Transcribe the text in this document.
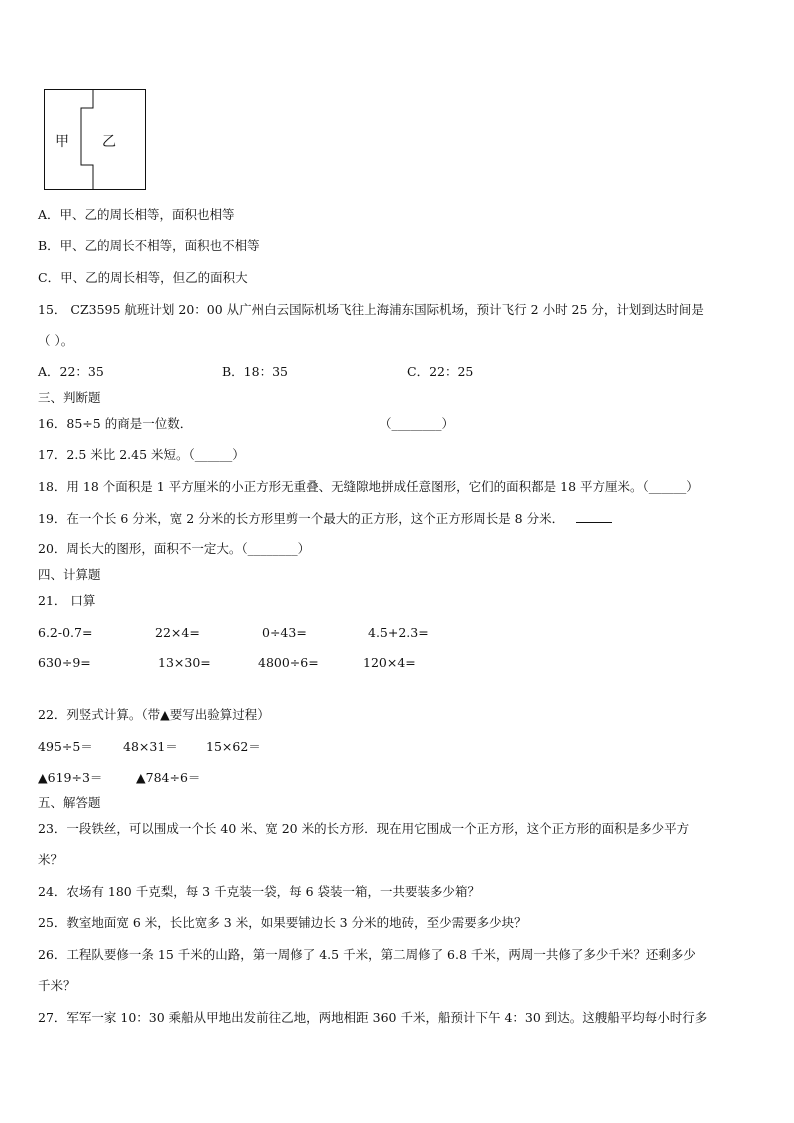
甲 乙
A．甲、乙的周长相等，面积也相等
B．甲、乙的周长不相等，面积也不相等
C．甲、乙的周长相等，但乙的面积大
15． CZ3595 航班计划 20：00 从广州白云国际机场飞往上海浦东国际机场，预计飞行 2 小时 25 分，计划到达时间是
（ ）。
A．22：35	B．18：35	C．22：25
三、判断题
16．85÷5 的商是一位数．	（________）
17．2.5 米比 2.45 米短。（______）
18．用 18 个面积是 1 平方厘米的小正方形无重叠、无缝隙地拼成任意图形，它们的面积都是 18 平方厘米。（______）
19．在一个长 6 分米，宽 2 分米的长方形里剪一个最大的正方形，这个正方形周长是 8 分米．
20．周长大的图形，面积不一定大。（________）
四、计算题
21． 口算
6.2-0.7=	22×4=	0÷43=	4.5+2.3=
630÷9=	13×30=	4800÷6=	120×4=
22．列竖式计算。（带▲要写出验算过程）
495÷5＝ 48×31＝ 15×62＝
▲619÷3＝	▲784÷6＝
五、解答题
23．一段铁丝，可以围成一个长 40 米、宽 20 米的长方形．现在用它围成一个正方形，这个正方形的面积是多少平方
米？
24．农场有 180 千克梨，每 3 千克装一袋，每 6 袋装一箱，一共要装多少箱？
25．教室地面宽 6 米，长比宽多 3 米，如果要铺边长 3 分米的地砖，至少需要多少块？
26．工程队要修一条 15 千米的山路，第一周修了 4.5 千米，第二周修了 6.8 千米，两周一共修了多少千米？还剩多少
千米？
27．军军一家 10：30 乘船从甲地出发前往乙地，两地相距 360 千米，船预计下午 4：30 到达。这艘船平均每小时行多
